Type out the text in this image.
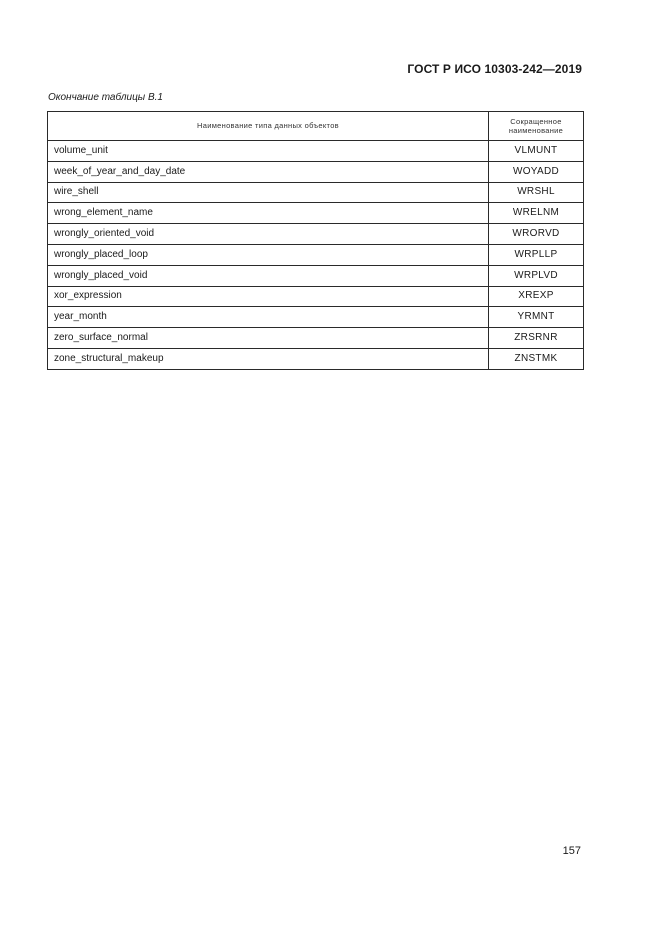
ГОСТ Р ИСО 10303-242—2019
Окончание таблицы В.1
Наименование типа данных объектов	Сокращенное наименование
volume_unit	VLMUNT
week_of_year_and_day_date	WOYADD
wire_shell	WRSHL
wrong_element_name	WRELNM
wrongly_oriented_void	WRORVD
wrongly_placed_loop	WRPLLP
wrongly_placed_void	WRPLVD
xor_expression	XREXP
year_month	YRMNT
zero_surface_normal	ZRSRNR
zone_structural_makeup	ZNSTMK
157
